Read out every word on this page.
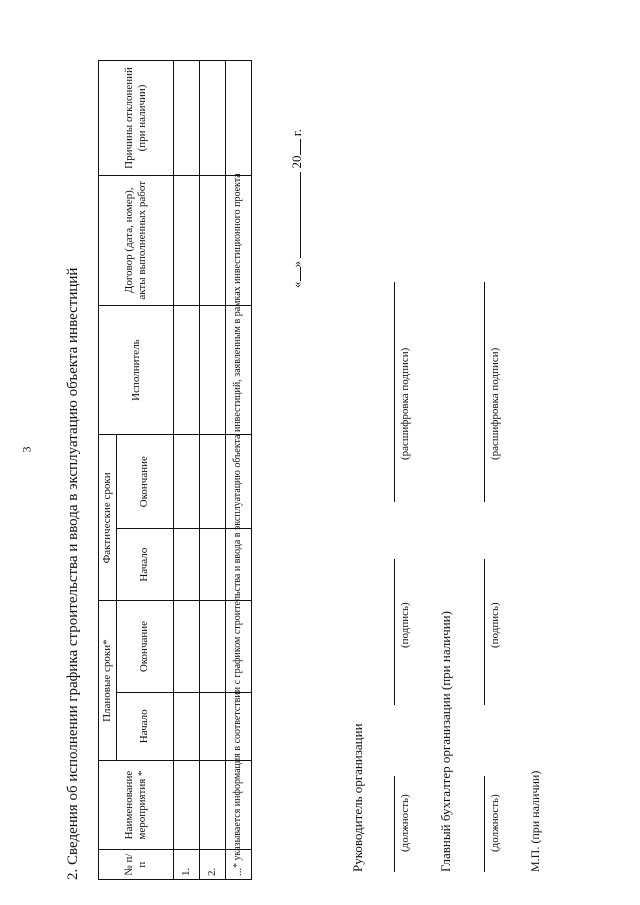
3 2. Сведения об исполнении графика строительства и ввода в эксплуатацию объекта инвестиций	№ п/п	Наименование мероприятия *	Плановые сроки*		Фактические сроки		Исполнитель	Договор (дата, номер), акты выполненных работ	Причины отклонений (при наличии)
		Начало	Окончание	Начало	Окончание			
1.								
2.								
...								
* указывается информация в соответствии с графиком строительства и ввода в эксплуатацию объекта инвестиций, заявленным в рамках инвестиционного проекта	«»  20 г.
Руководитель организации	(должность)
(подпись)
(расшифровка подписи)
Главный бухгалтер организации (при наличии)	(должность)
(подпись)
(расшифровка подписи)
М.П. (при наличии)
